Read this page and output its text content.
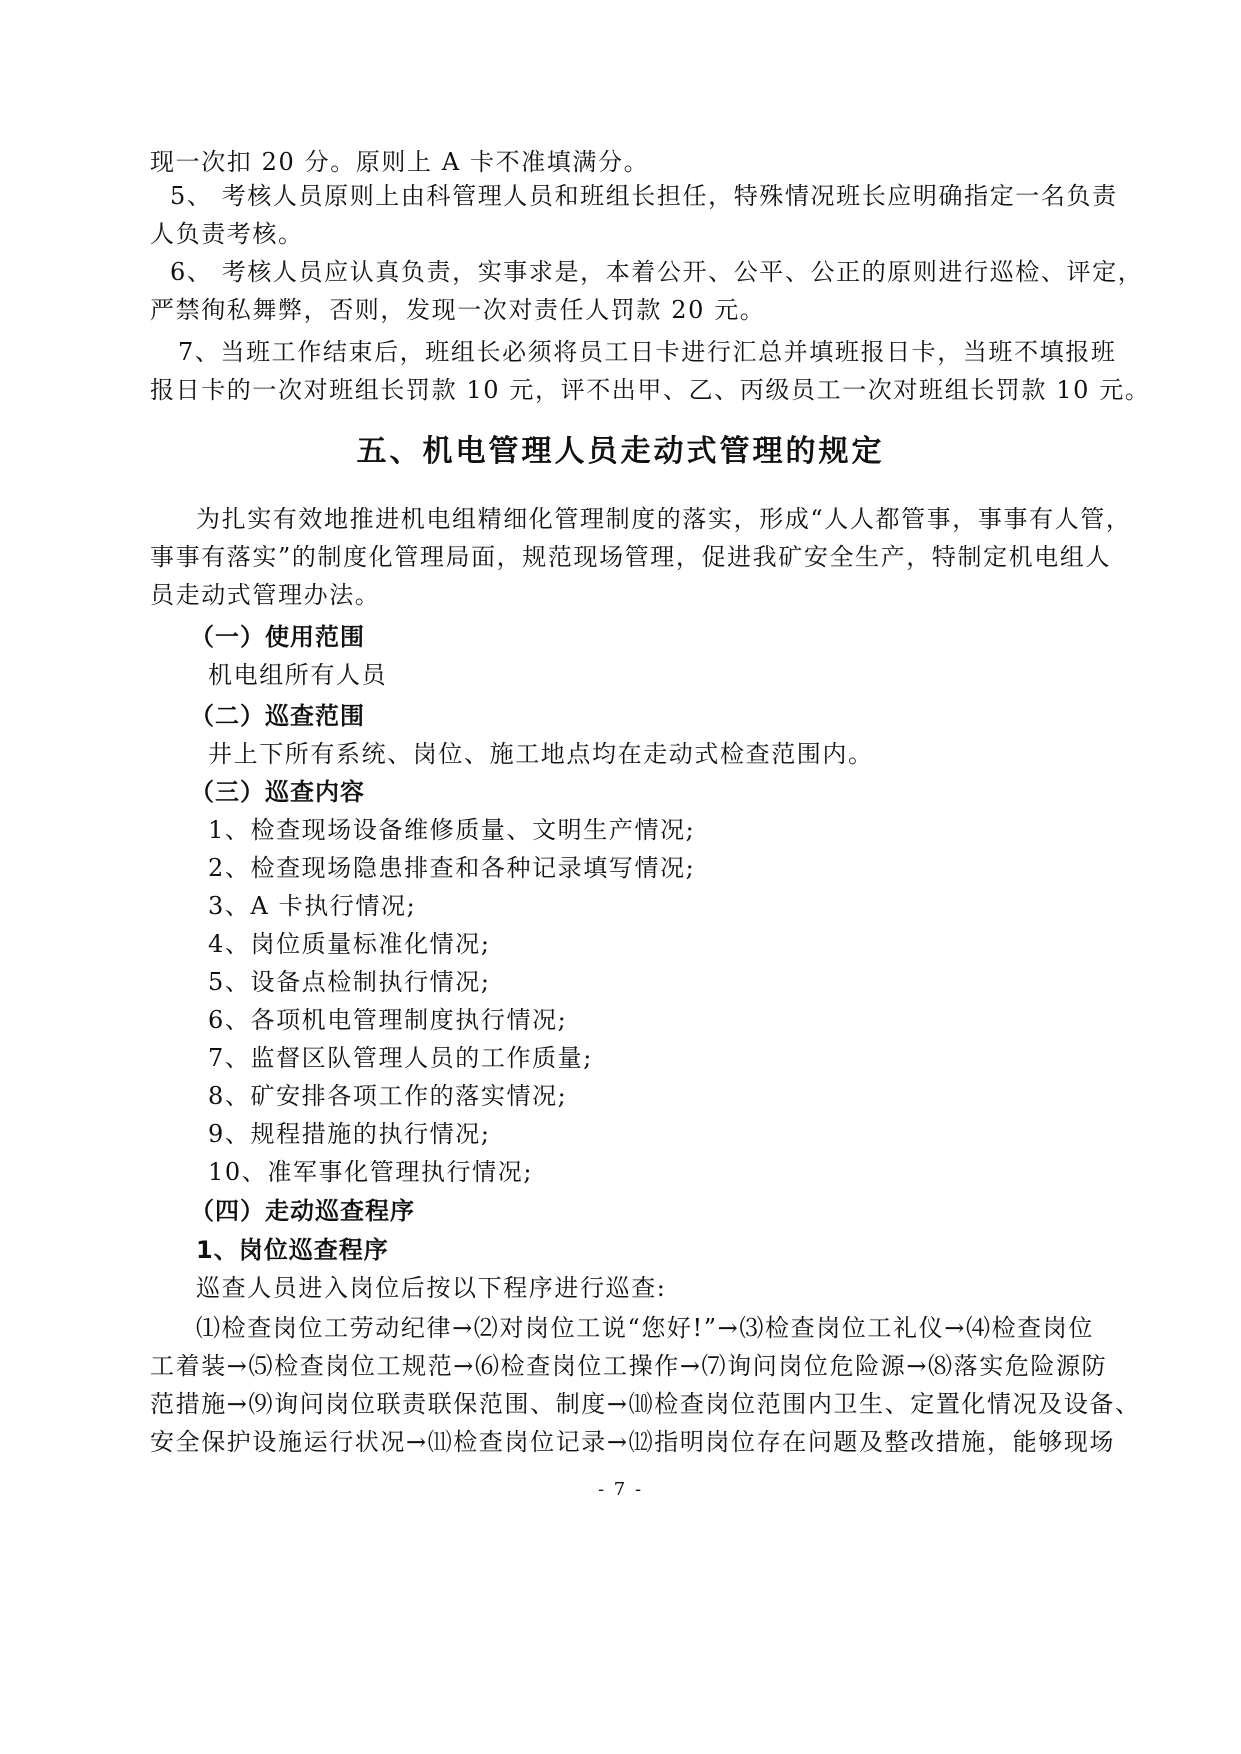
现一次扣 20 分。原则上 A 卡不准填满分。
5、 考核人员原则上由科管理人员和班组长担任，特殊情况班长应明确指定一名负责
人负责考核。
6、 考核人员应认真负责，实事求是，本着公开、公平、公正的原则进行巡检、评定，
严禁徇私舞弊，否则，发现一次对责任人罚款 20 元。
7、当班工作结束后，班组长必须将员工日卡进行汇总并填班报日卡，当班不填报班
报日卡的一次对班组长罚款 10 元，评不出甲、乙、丙级员工一次对班组长罚款 10 元。
五、机电管理人员走动式管理的规定
为扎实有效地推进机电组精细化管理制度的落实，形成“人人都管事，事事有人管，
事事有落实”的制度化管理局面，规范现场管理，促进我矿安全生产，特制定机电组人
员走动式管理办法。
（一）使用范围
机电组所有人员
（二）巡查范围
井上下所有系统、岗位、施工地点均在走动式检查范围内。
（三）巡查内容
1、检查现场设备维修质量、文明生产情况;
2、检查现场隐患排查和各种记录填写情况;
3、A 卡执行情况;
4、岗位质量标准化情况;
5、设备点检制执行情况;
6、各项机电管理制度执行情况;
7、监督区队管理人员的工作质量;
8、矿安排各项工作的落实情况;
9、规程措施的执行情况;
10、准军事化管理执行情况;
（四）走动巡查程序
1、岗位巡查程序
巡查人员进入岗位后按以下程序进行巡查:
⑴检查岗位工劳动纪律→⑵对岗位工说“您好!”→⑶检查岗位工礼仪→⑷检查岗位
工着装→⑸检查岗位工规范→⑹检查岗位工操作→⑺询问岗位危险源→⑻落实危险源防
范措施→⑼询问岗位联责联保范围、制度→⑽检查岗位范围内卫生、定置化情况及设备、
安全保护设施运行状况→⑾检查岗位记录→⑿指明岗位存在问题及整改措施，能够现场
- 7 -
